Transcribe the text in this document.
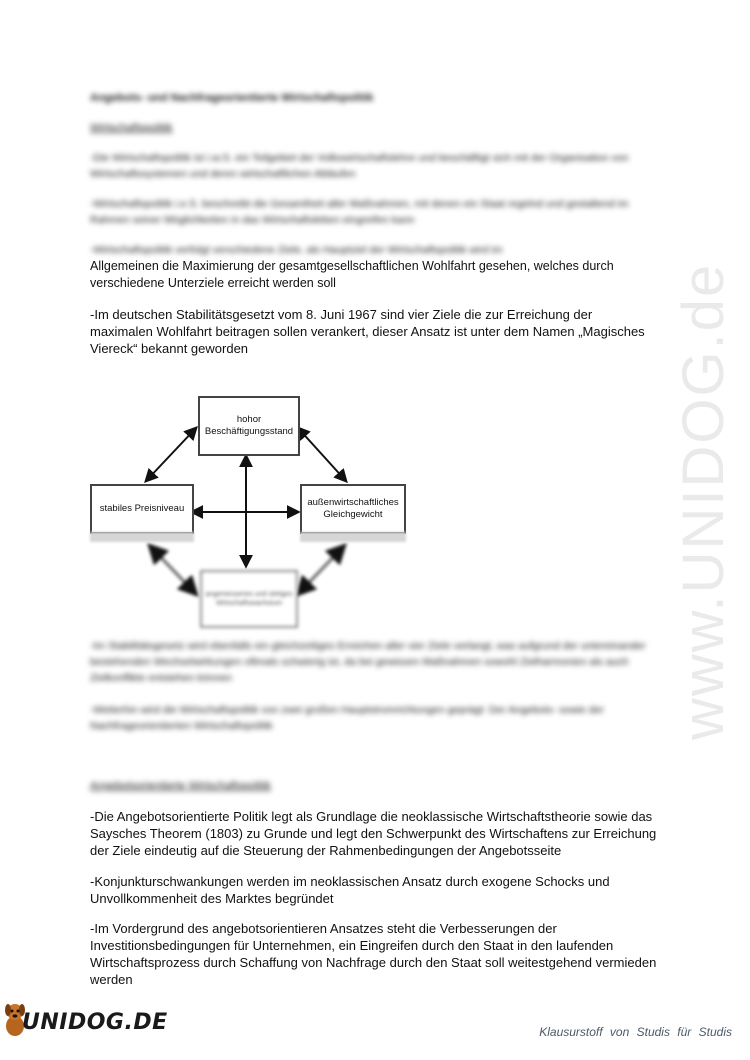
www.UNIDOG.de
Angebots- und Nachfrageorientierte Wirtschaftspolitik
Wirtschaftspolitik
-Die Wirtschaftspolitik ist i.w.S. ein Teilgebiet der Volkswirtschaftslehre und beschäftigt sich mit der Organisation von Wirtschaftssystemen und deren wirtschaftlichen Abläufen
-Wirtschaftspolitik i.e.S. beschreibt die Gesamtheit aller Maßnahmen, mit denen ein Staat regelnd und gestaltend im Rahmen seiner Möglichkeiten in das Wirtschaftsleben eingreifen kann
-Wirtschaftspolitik verfolgt verschiedene Ziele, als Hauptziel der Wirtschaftspolitik wird im
Allgemeinen die Maximierung der gesamtgesellschaftlichen Wohlfahrt gesehen, welches durch
verschiedene Unterziele erreicht werden soll
-Im deutschen Stabilitätsgesetzt vom 8. Juni 1967 sind vier Ziele die zur Erreichung der maximalen Wohlfahrt beitragen sollen verankert, dieser Ansatz ist unter dem Namen „Magisches Viereck“ bekannt geworden
hohor Beschäftigungsstand
stabiles Preisniveau
außenwirtschaftliches Gleichgewicht
angemessenes und stetiges Wirtschaftswachstum
-Im Stabilitätsgesetz wird ebenfalls ein gleichzeitiges Erreichen aller vier Ziele verlangt, was aufgrund der untereinander bestehenden Wechselwirkungen oftmals schwierig ist, da bei gewissen Maßnahmen sowohl Zielharmonien als auch Zielkonflikte entstehen können
-Weiterhin wird die Wirtschaftspolitik von zwei großen Hauptstromrichtungen geprägt: Der Angebots- sowie der Nachfrageorientierten Wirtschaftspolitik
Angebotsorientierte Wirtschaftspolitik
-Die Angebotsorientierte Politik legt als Grundlage die neoklassische Wirtschaftstheorie sowie das Saysches Theorem (1803) zu Grunde und legt den Schwerpunkt des Wirtschaftens zur Erreichung der Ziele eindeutig auf die Steuerung der Rahmenbedingungen der Angebotsseite
-Konjunkturschwankungen werden im neoklassischen Ansatz durch exogene Schocks und Unvollkommenheit des Marktes begründet
-Im Vordergrund des angebotsorientieren Ansatzes steht die Verbesserungen der Investitionsbedingungen für Unternehmen, ein Eingreifen durch den Staat in den laufenden Wirtschaftsprozess durch Schaffung von Nachfrage durch den Staat soll weitestgehend vermieden werden
UNIDOG.DE	Klausurstoff von Studis für Studis
